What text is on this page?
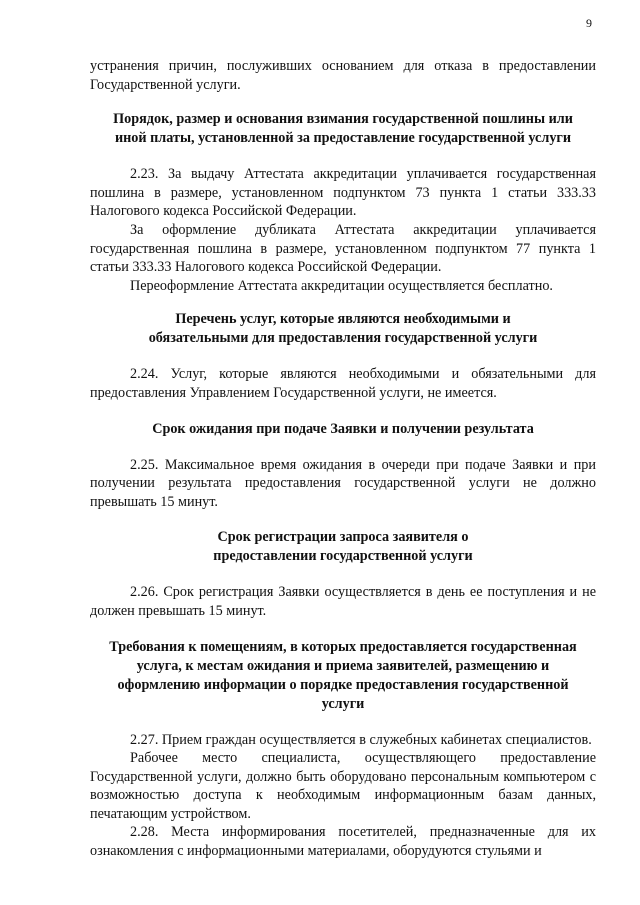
9

устранения причин, послуживших основанием для отказа в предоставлении Государственной услуги.

Порядок, размер и основания взимания государственной пошлины или иной платы, установленной за предоставление государственной услуги

2.23. За выдачу Аттестата аккредитации уплачивается государственная пошлина в размере, установленном подпунктом 73 пункта 1 статьи 333.33 Налогового кодекса Российской Федерации.

За оформление дубликата Аттестата аккредитации уплачивается государственная пошлина в размере, установленном подпунктом 77 пункта 1 статьи 333.33 Налогового кодекса Российской Федерации.

Переоформление Аттестата аккредитации осуществляется бесплатно.

Перечень услуг, которые являются необходимыми и обязательными для предоставления государственной услуги

2.24. Услуг, которые являются необходимыми и обязательными для предоставления Управлением Государственной услуги, не имеется.

Срок ожидания при подаче Заявки и получении результата

2.25. Максимальное время ожидания в очереди при подаче Заявки и при получении результата предоставления государственной услуги не должно превышать 15 минут.

Срок регистрации запроса заявителя о предоставлении государственной услуги

2.26. Срок регистрация Заявки осуществляется в день ее поступления и не должен превышать 15 минут.

Требования к помещениям, в которых предоставляется государственная услуга, к местам ожидания и приема заявителей, размещению и оформлению информации о порядке предоставления государственной услуги

2.27. Прием граждан осуществляется в служебных кабинетах специалистов.

Рабочее место специалиста, осуществляющего предоставление Государственной услуги, должно быть оборудовано персональным компьютером с возможностью доступа к необходимым информационным базам данных, печатающим устройством.

2.28. Места информирования посетителей, предназначенные для их ознакомления с информационными материалами, оборудуются стульями и
